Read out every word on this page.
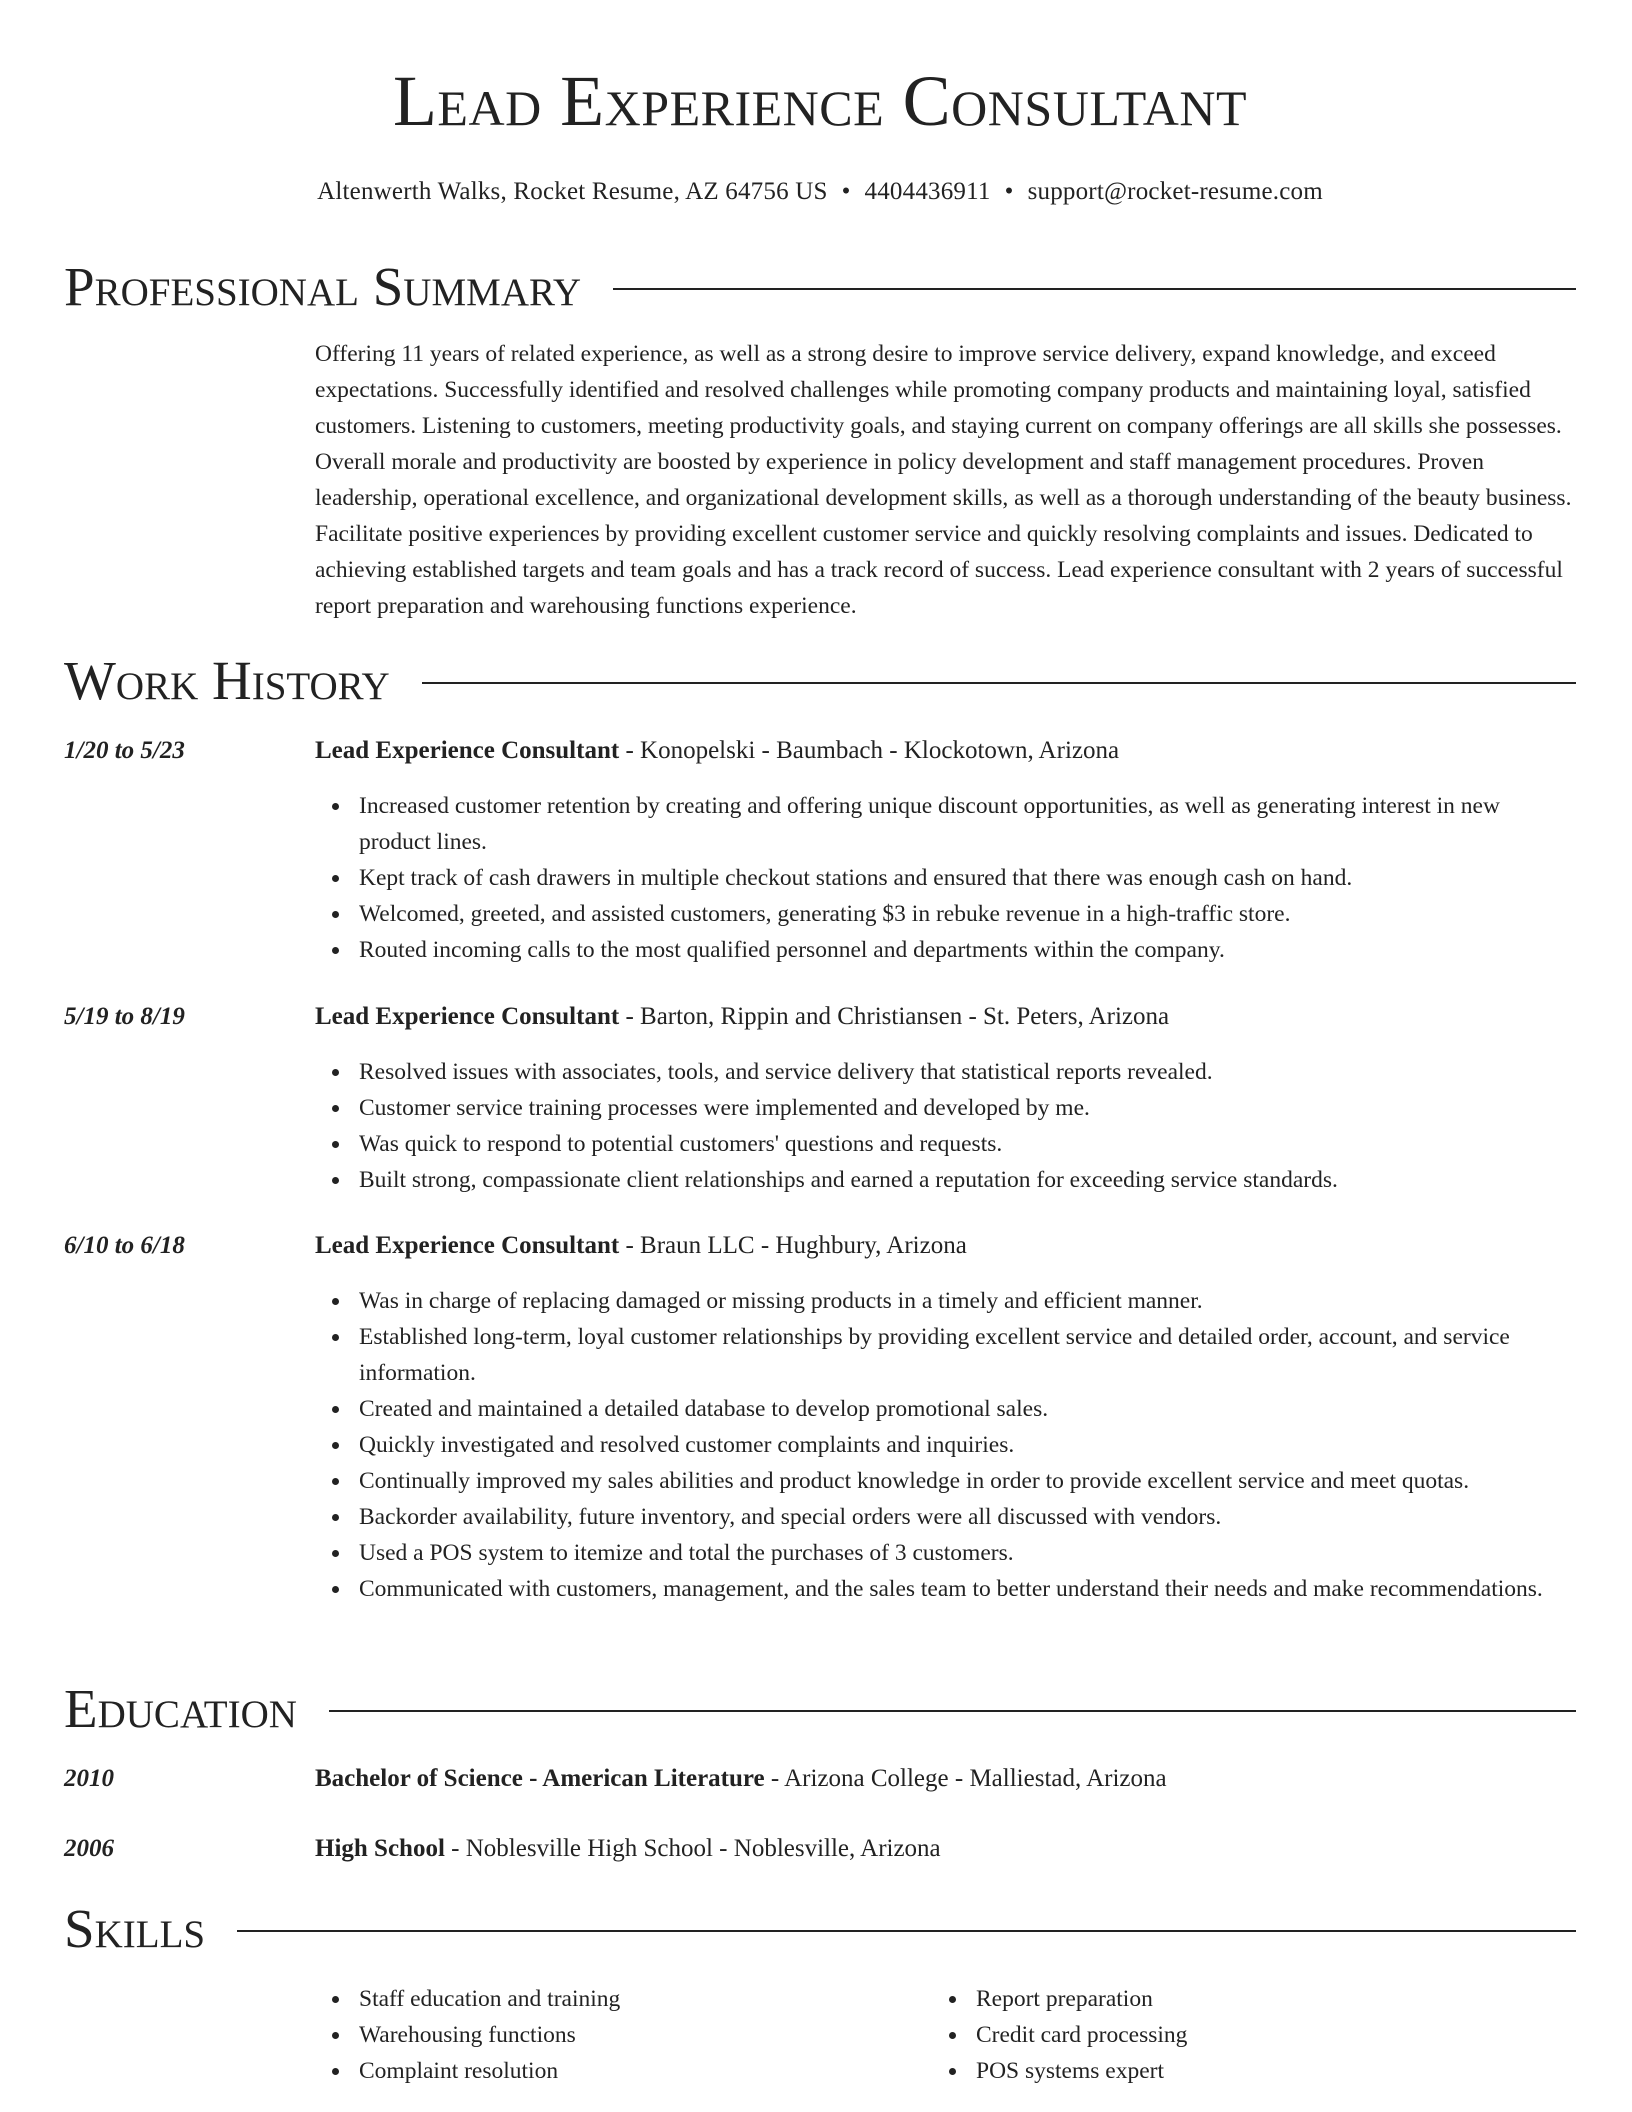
Lead Experience Consultant
Altenwerth Walks, Rocket Resume, AZ 64756 US • 4404436911 • support@rocket-resume.com
Professional Summary
Offering 11 years of related experience, as well as a strong desire to improve service delivery, expand knowledge, and exceed expectations. Successfully identified and resolved challenges while promoting company products and maintaining loyal, satisfied customers. Listening to customers, meeting productivity goals, and staying current on company offerings are all skills she possesses. Overall morale and productivity are boosted by experience in policy development and staff management procedures. Proven leadership, operational excellence, and organizational development skills, as well as a thorough understanding of the beauty business. Facilitate positive experiences by providing excellent customer service and quickly resolving complaints and issues. Dedicated to achieving established targets and team goals and has a track record of success. Lead experience consultant with 2 years of successful report preparation and warehousing functions experience.
Work History
1/20 to 5/23	Lead Experience Consultant - Konopelski - Baumbach - Klockotown, Arizona
Increased customer retention by creating and offering unique discount opportunities, as well as generating interest in new product lines.
Kept track of cash drawers in multiple checkout stations and ensured that there was enough cash on hand.
Welcomed, greeted, and assisted customers, generating $3 in rebuke revenue in a high-traffic store.
Routed incoming calls to the most qualified personnel and departments within the company.
5/19 to 8/19	Lead Experience Consultant - Barton, Rippin and Christiansen - St. Peters, Arizona
Resolved issues with associates, tools, and service delivery that statistical reports revealed.
Customer service training processes were implemented and developed by me.
Was quick to respond to potential customers' questions and requests.
Built strong, compassionate client relationships and earned a reputation for exceeding service standards.
6/10 to 6/18	Lead Experience Consultant - Braun LLC - Hughbury, Arizona
Was in charge of replacing damaged or missing products in a timely and efficient manner.
Established long-term, loyal customer relationships by providing excellent service and detailed order, account, and service information.
Created and maintained a detailed database to develop promotional sales.
Quickly investigated and resolved customer complaints and inquiries.
Continually improved my sales abilities and product knowledge in order to provide excellent service and meet quotas.
Backorder availability, future inventory, and special orders were all discussed with vendors.
Used a POS system to itemize and total the purchases of 3 customers.
Communicated with customers, management, and the sales team to better understand their needs and make recommendations.
Education
2010	Bachelor of Science - American Literature - Arizona College - Malliestad, Arizona
2006	High School - Noblesville High School - Noblesville, Arizona
Skills
Staff education and training
Warehousing functions
Complaint resolution
Report preparation
Credit card processing
POS systems expert
